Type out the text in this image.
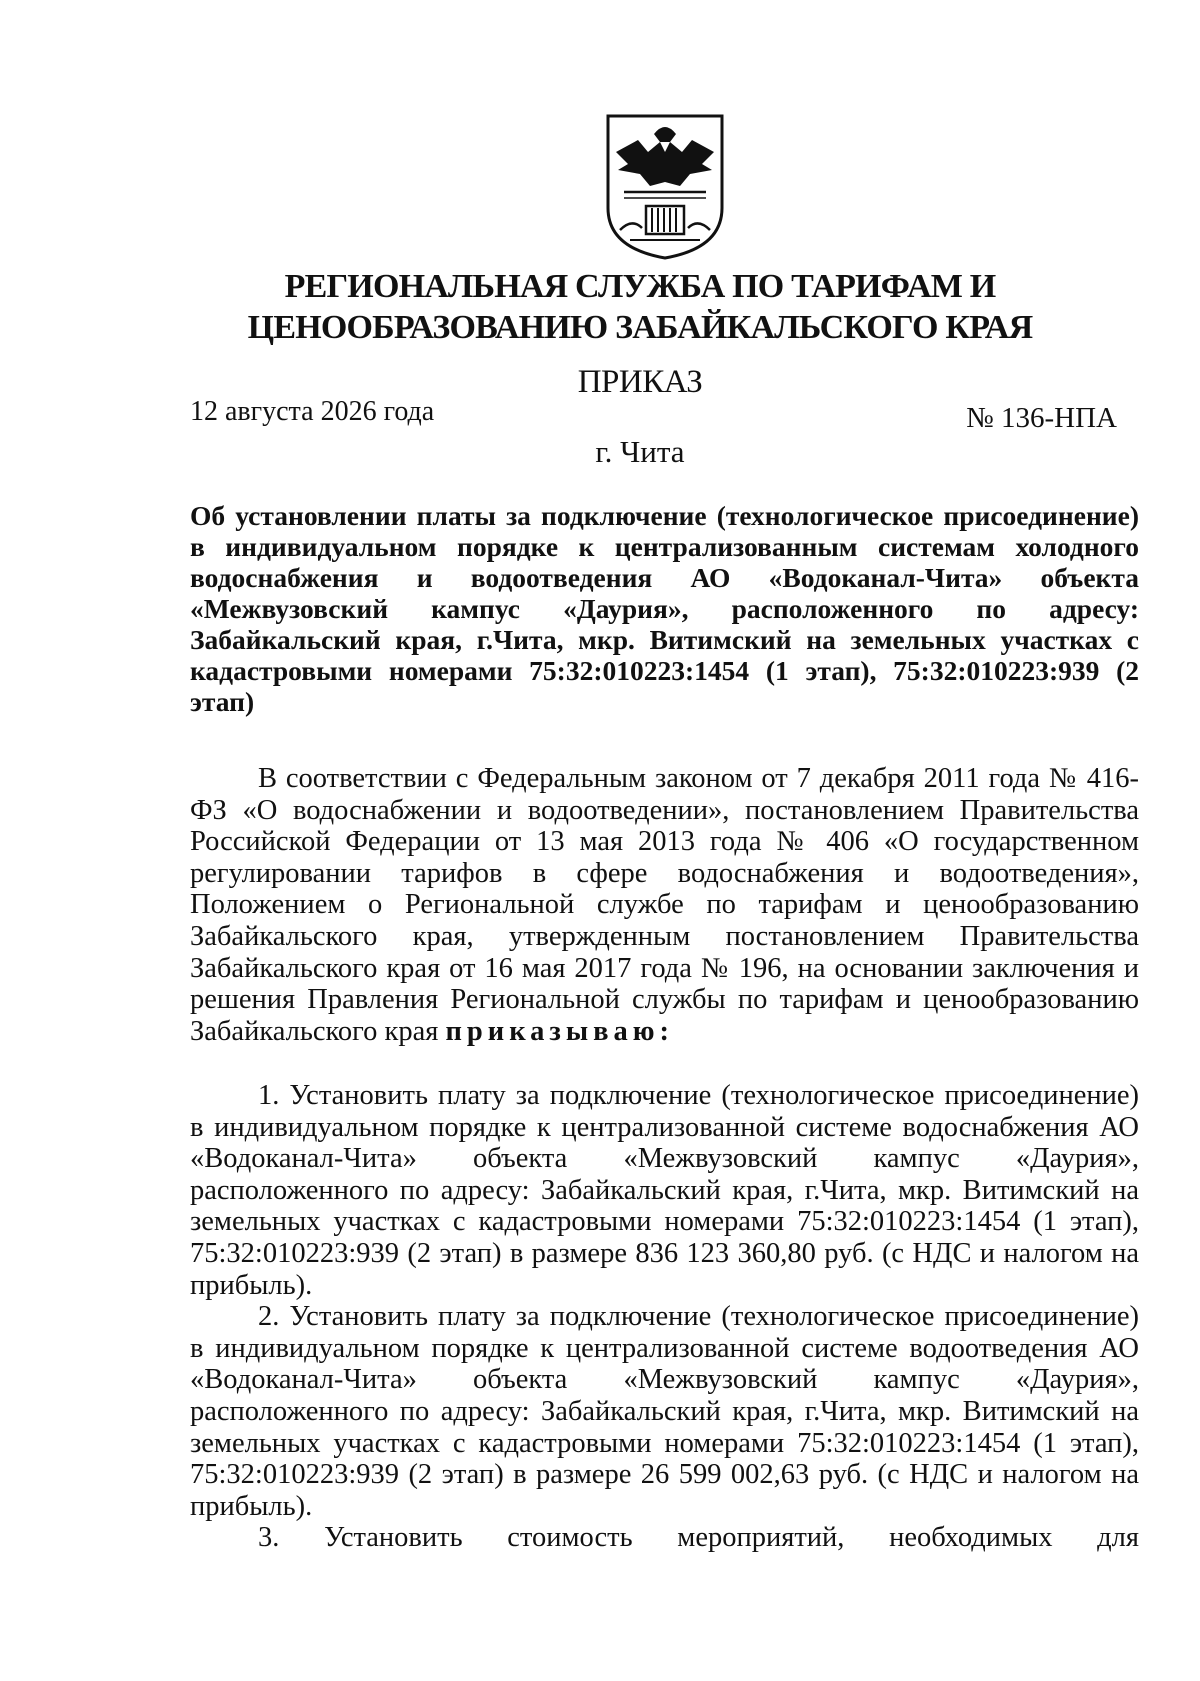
РЕГИОНАЛЬНАЯ СЛУЖБА ПО ТАРИФАМ И
ЦЕНООБРАЗОВАНИЮ ЗАБАЙКАЛЬСКОГО КРАЯ
ПРИКАЗ
12 августа 2026 года	№ 136-НПА
г. Чита
Об установлении платы за подключение (технологическое присоединение) в индивидуальном порядке к централизованным системам холодного водоснабжения и водоотведения АО «Водоканал-Чита» объекта «Межвузовский кампус «Даурия», расположенного по адресу: Забайкальский края, г.Чита, мкр. Витимский на земельных участках с кадастровыми номерами 75:32:010223:1454 (1 этап), 75:32:010223:939 (2 этап)

В соответствии с Федеральным законом от 7 декабря 2011 года № 416-ФЗ «О водоснабжении и водоотведении», постановлением Правительства Российской Федерации от 13 мая 2013 года № 406 «О государственном регулировании тарифов в сфере водоснабжения и водоотведения», Положением о Региональной службе по тарифам и ценообразованию Забайкальского края, утвержденным постановлением Правительства Забайкальского края от 16 мая 2017 года № 196, на основании заключения и решения Правления Региональной службы по тарифам и ценообразованию Забайкальского края приказываю:

1. Установить плату за подключение (технологическое присоединение) в индивидуальном порядке к централизованной системе водоснабжения АО «Водоканал-Чита» объекта «Межвузовский кампус «Даурия», расположенного по адресу: Забайкальский края, г.Чита, мкр. Витимский на земельных участках с кадастровыми номерами 75:32:010223:1454 (1 этап), 75:32:010223:939 (2 этап) в размере 836 123 360,80 руб. (с НДС и налогом на прибыль).

2. Установить плату за подключение (технологическое присоединение) в индивидуальном порядке к централизованной системе водоотведения АО «Водоканал-Чита» объекта «Межвузовский кампус «Даурия», расположенного по адресу: Забайкальский края, г.Чита, мкр. Витимский на земельных участках с кадастровыми номерами 75:32:010223:1454 (1 этап), 75:32:010223:939 (2 этап) в размере 26 599 002,63 руб. (с НДС и налогом на прибыль).

3. Установить стоимость мероприятий, необходимых для
